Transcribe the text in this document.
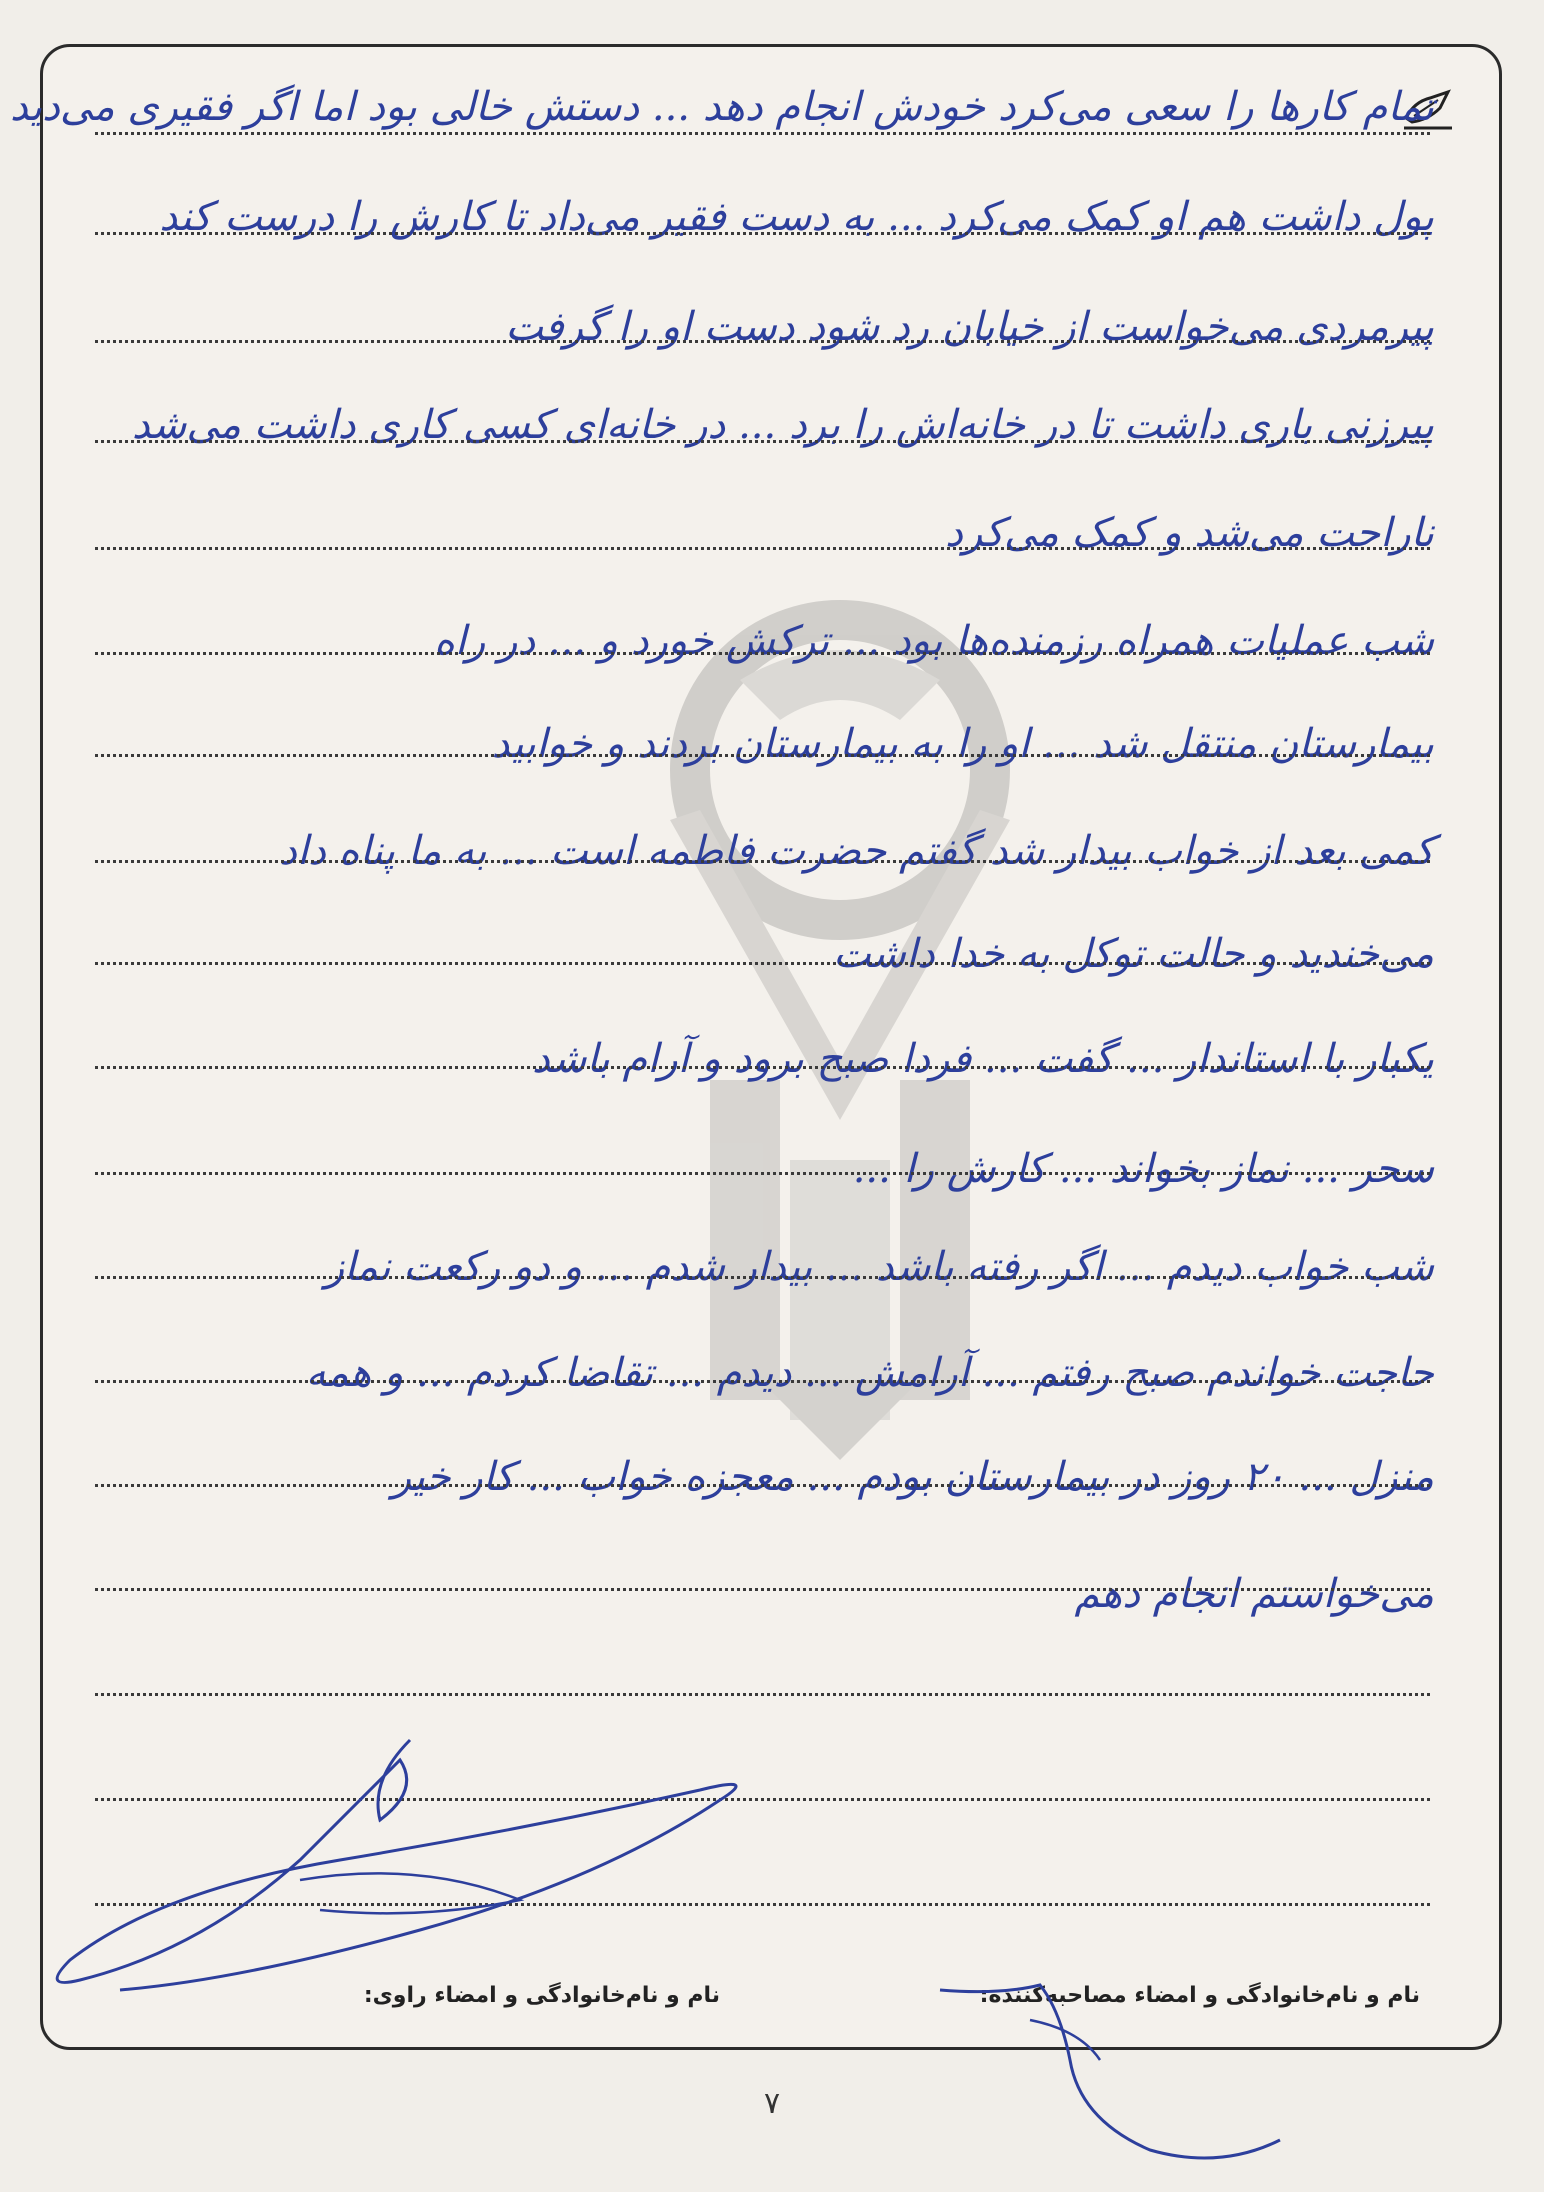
تمام کارها را سعی می‌کرد خودش انجام دهد ... دستش خالی بود اما اگر فقیری می‌دید
پول داشت هم او کمک می‌کرد ... به دست فقیر می‌داد تا کارش را درست کند
پیرمردی می‌خواست از خیابان رد شود دست او را گرفت
پیرزنی باری داشت تا در خانه‌اش را برد ... در خانه‌ای کسی کاری داشت می‌شد
ناراحت می‌شد و کمک می‌کرد
شب عملیات همراه رزمنده‌ها بود ... ترکش خورد و ... در راه
بیمارستان منتقل شد ... او را به بیمارستان بردند و خوابید
کمی بعد از خواب بیدار شد گفتم حضرت فاطمه است ... به ما پناه داد
می‌خندید و حالت توکل به خدا داشت
یکبار با استاندار ... گفت ... فردا صبح برود و آرام باشد
سحر ... نماز بخواند ... کارش را ...
شب خواب دیدم ... اگر رفته باشد ... بیدار شدم ... و دو رکعت نماز
حاجت خواندم صبح رفتم ... آرامش ... دیدم ... تقاضا کردم ... و همه
منزل ... ۲۰ روز در بیمارستان بودم ... معجزه خواب ... کار خیر
می‌خواستم انجام دهم
نام و نام‌خانوادگی و امضاء مصاحبه‌کننده:
نام و نام‌خانوادگی و امضاء راوی:
۷
